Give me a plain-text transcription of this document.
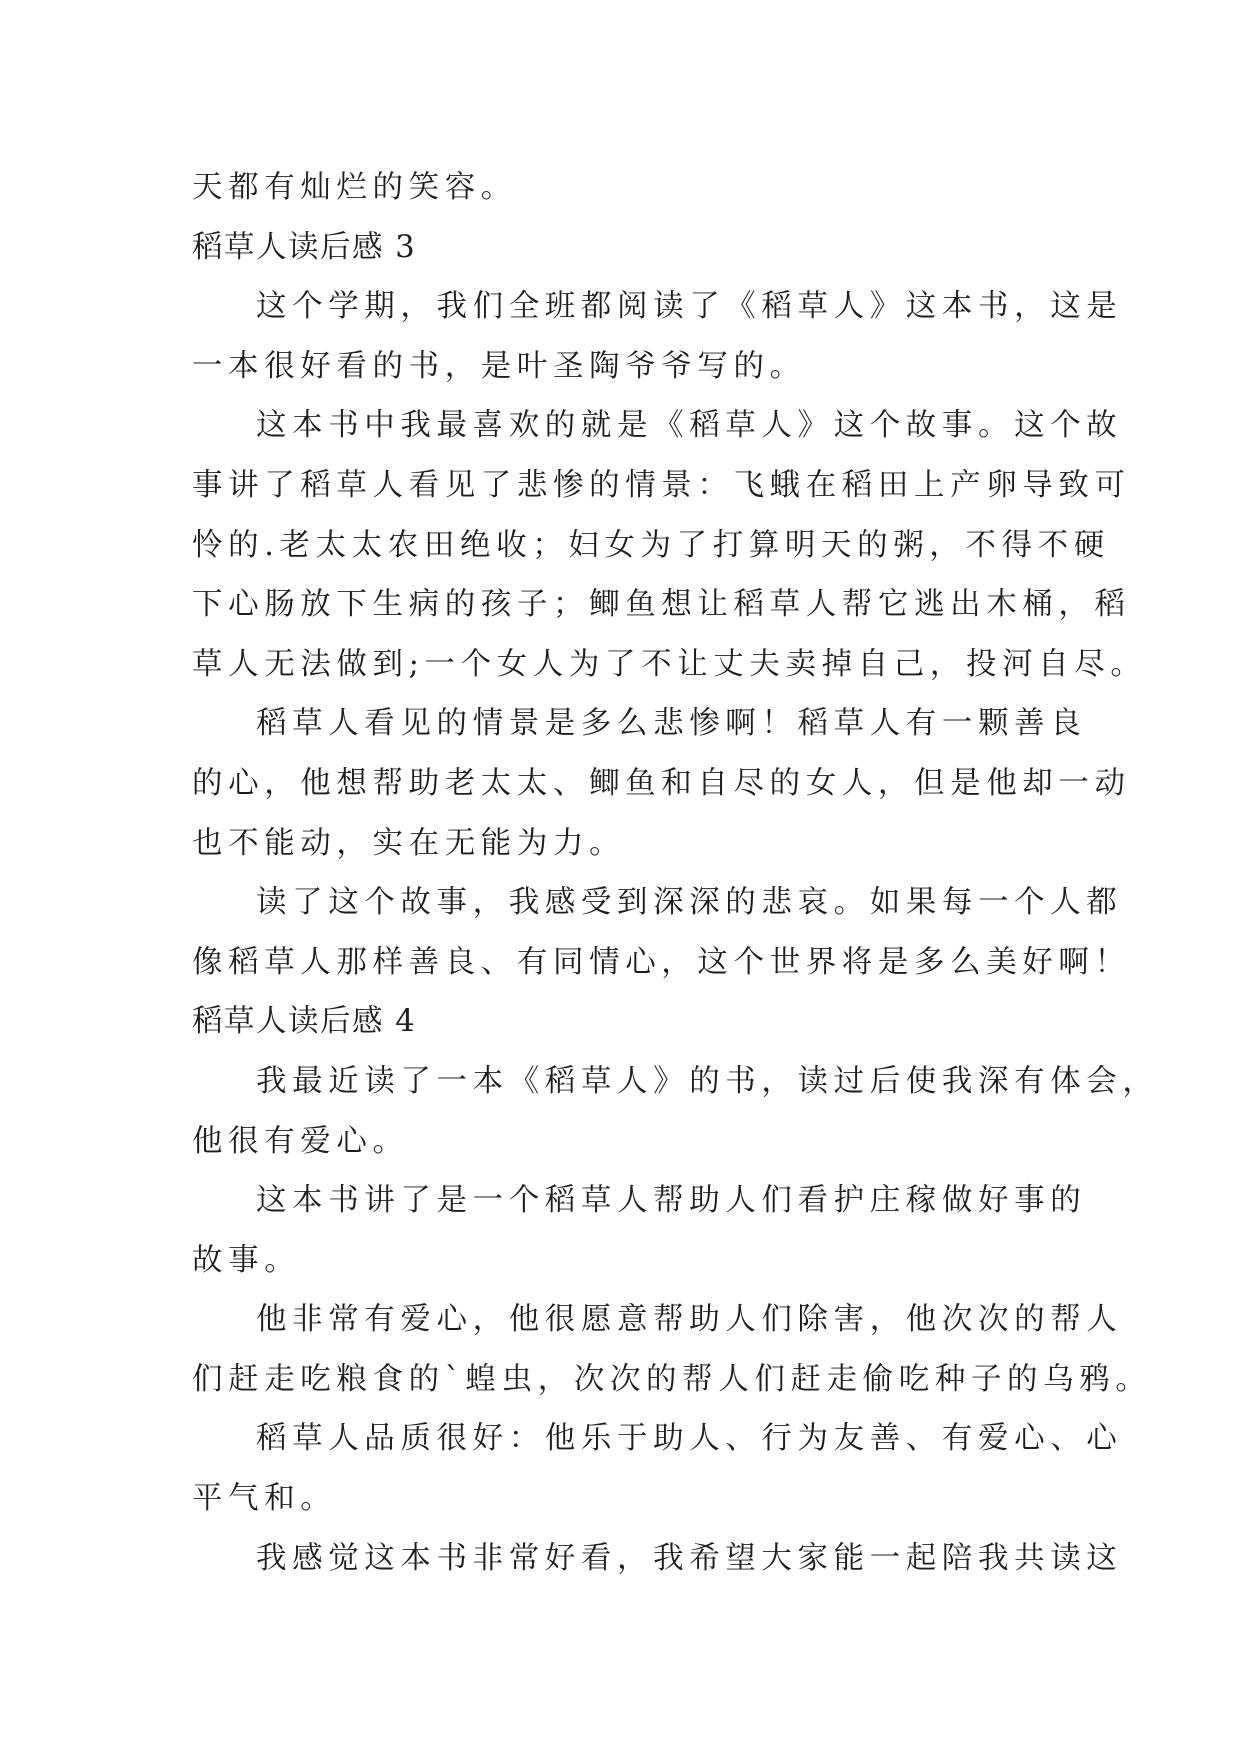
天都有灿烂的笑容。
稻草人读后感 3
这个学期，我们全班都阅读了《稻草人》这本书，这是
一本很好看的书，是叶圣陶爷爷写的。
这本书中我最喜欢的就是《稻草人》这个故事。这个故
事讲了稻草人看见了悲惨的情景：飞蛾在稻田上产卵导致可
怜的.老太太农田绝收；妇女为了打算明天的粥，不得不硬
下心肠放下生病的孩子；鲫鱼想让稻草人帮它逃出木桶，稻
草人无法做到;一个女人为了不让丈夫卖掉自己，投河自尽。
稻草人看见的情景是多么悲惨啊！稻草人有一颗善良
的心，他想帮助老太太、鲫鱼和自尽的女人，但是他却一动
也不能动，实在无能为力。
读了这个故事，我感受到深深的悲哀。如果每一个人都
像稻草人那样善良、有同情心，这个世界将是多么美好啊！
稻草人读后感 4
我最近读了一本《稻草人》的书，读过后使我深有体会，
他很有爱心。
这本书讲了是一个稻草人帮助人们看护庄稼做好事的
故事。
他非常有爱心，他很愿意帮助人们除害，他次次的帮人
们赶走吃粮食的`蝗虫，次次的帮人们赶走偷吃种子的乌鸦。
稻草人品质很好：他乐于助人、行为友善、有爱心、心
平气和。
我感觉这本书非常好看，我希望大家能一起陪我共读这
